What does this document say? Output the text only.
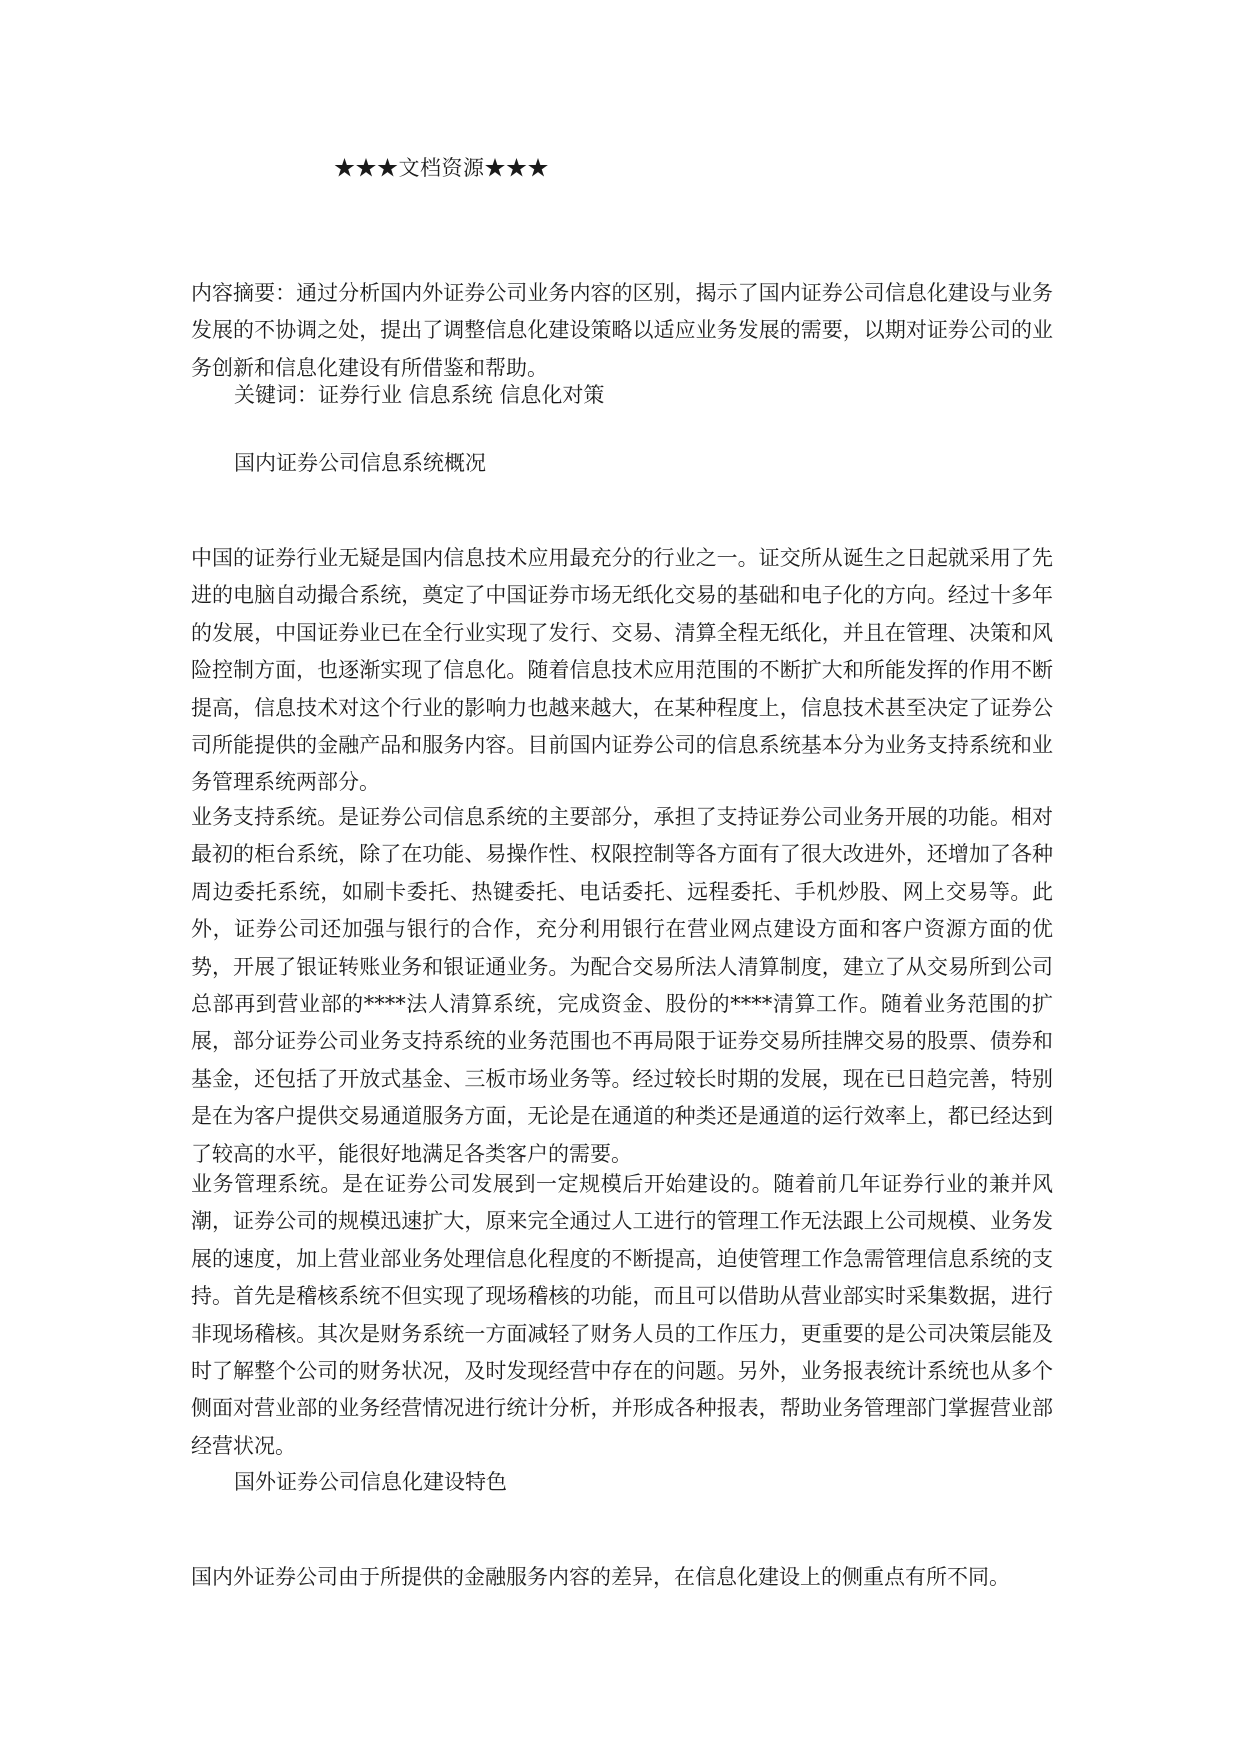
★★★文档资源★★★

内容摘要：通过分析国内外证券公司业务内容的区别，揭示了国内证券公司信息化建设与业务发展的不协调之处，提出了调整信息化建设策略以适应业务发展的需要，以期对证券公司的业务创新和信息化建设有所借鉴和帮助。

关键词：证券行业 信息系统 信息化对策

国内证券公司信息系统概况

中国的证券行业无疑是国内信息技术应用最充分的行业之一。证交所从诞生之日起就采用了先进的电脑自动撮合系统，奠定了中国证券市场无纸化交易的基础和电子化的方向。经过十多年的发展，中国证券业已在全行业实现了发行、交易、清算全程无纸化，并且在管理、决策和风险控制方面，也逐渐实现了信息化。随着信息技术应用范围的不断扩大和所能发挥的作用不断提高，信息技术对这个行业的影响力也越来越大，在某种程度上，信息技术甚至决定了证券公司所能提供的金融产品和服务内容。目前国内证券公司的信息系统基本分为业务支持系统和业务管理系统两部分。

业务支持系统。是证券公司信息系统的主要部分，承担了支持证券公司业务开展的功能。相对最初的柜台系统，除了在功能、易操作性、权限控制等各方面有了很大改进外，还增加了各种周边委托系统，如刷卡委托、热键委托、电话委托、远程委托、手机炒股、网上交易等。此外，证券公司还加强与银行的合作，充分利用银行在营业网点建设方面和客户资源方面的优势，开展了银证转账业务和银证通业务。为配合交易所法人清算制度，建立了从交易所到公司总部再到营业部的****法人清算系统，完成资金、股份的****清算工作。随着业务范围的扩展，部分证券公司业务支持系统的业务范围也不再局限于证券交易所挂牌交易的股票、债券和基金，还包括了开放式基金、三板市场业务等。经过较长时期的发展，现在已日趋完善，特别是在为客户提供交易通道服务方面，无论是在通道的种类还是通道的运行效率上，都已经达到了较高的水平，能很好地满足各类客户的需要。

业务管理系统。是在证券公司发展到一定规模后开始建设的。随着前几年证券行业的兼并风潮，证券公司的规模迅速扩大，原来完全通过人工进行的管理工作无法跟上公司规模、业务发展的速度，加上营业部业务处理信息化程度的不断提高，迫使管理工作急需管理信息系统的支持。首先是稽核系统不但实现了现场稽核的功能，而且可以借助从营业部实时采集数据，进行非现场稽核。其次是财务系统一方面减轻了财务人员的工作压力，更重要的是公司决策层能及时了解整个公司的财务状况，及时发现经营中存在的问题。另外，业务报表统计系统也从多个侧面对营业部的业务经营情况进行统计分析，并形成各种报表，帮助业务管理部门掌握营业部经营状况。

国外证券公司信息化建设特色

国内外证券公司由于所提供的金融服务内容的差异，在信息化建设上的侧重点有所不同。
